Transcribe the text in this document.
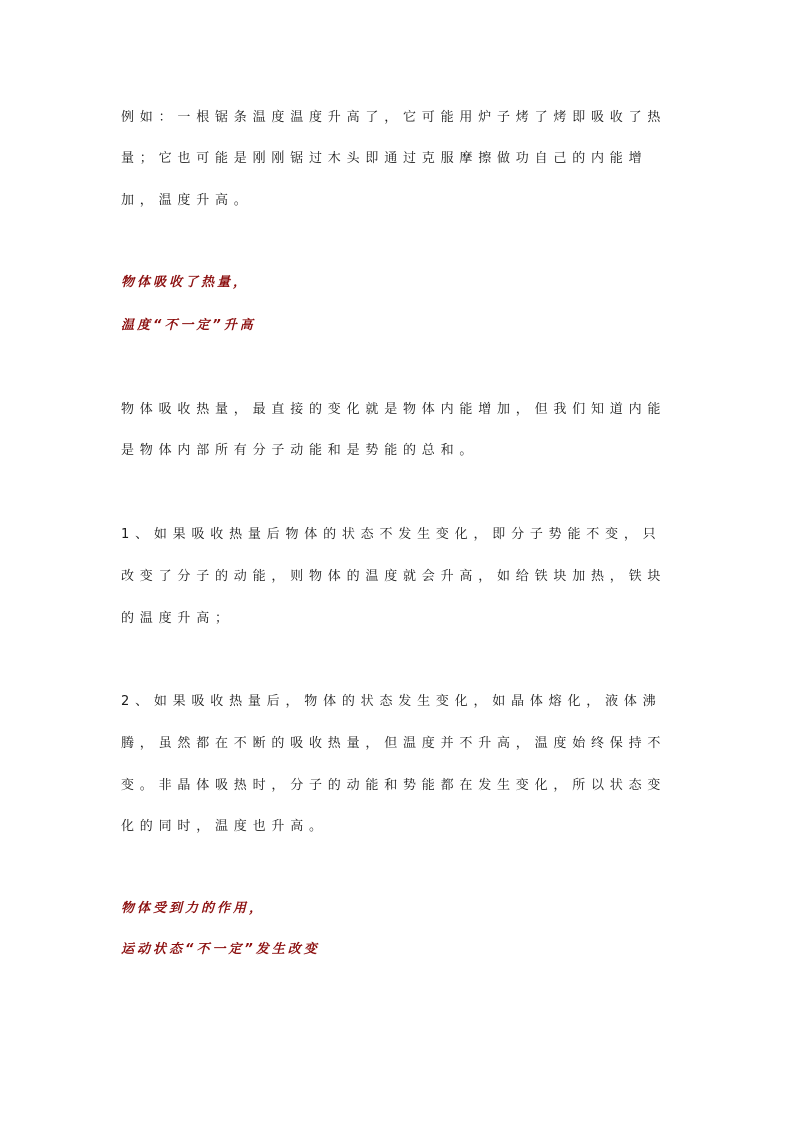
例如：一根锯条温度温度升高了，它可能用炉子烤了烤即吸收了热
量；它也可能是刚刚锯过木头即通过克服摩擦做功自己的内能增
加，温度升高。
物体吸收了热量，
温度“不一定”升高
物体吸收热量，最直接的变化就是物体内能增加，但我们知道内能
是物体内部所有分子动能和是势能的总和。
1、如果吸收热量后物体的状态不发生变化，即分子势能不变，只
改变了分子的动能，则物体的温度就会升高，如给铁块加热，铁块
的温度升高；
2、如果吸收热量后，物体的状态发生变化，如晶体熔化，液体沸
腾，虽然都在不断的吸收热量，但温度并不升高，温度始终保持不
变。非晶体吸热时，分子的动能和势能都在发生变化，所以状态变
化的同时，温度也升高。
物体受到力的作用，
运动状态“不一定”发生改变
